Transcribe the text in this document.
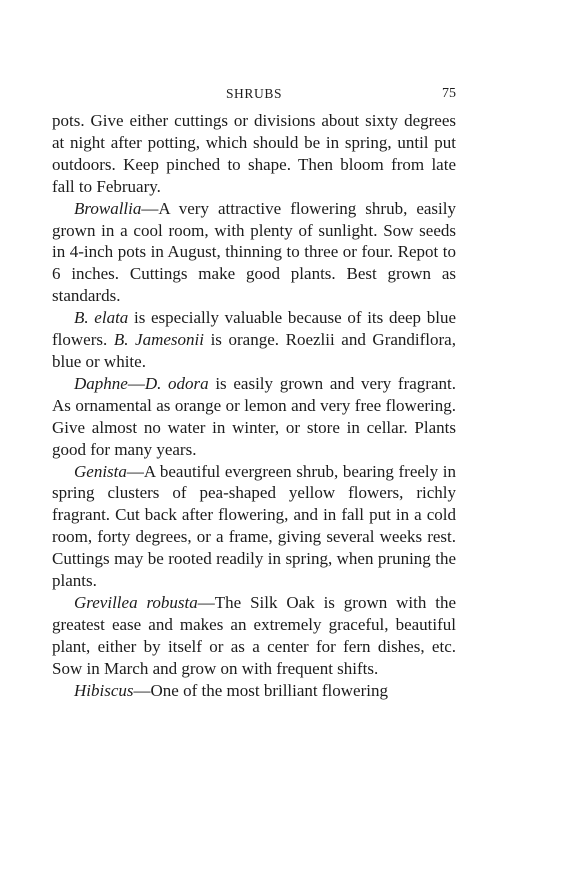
SHRUBS	75

pots. Give either cuttings or divisions about sixty degrees at night after potting, which should be in spring, until put outdoors. Keep pinched to shape. Then bloom from late fall to February.

Browallia—A very attractive flowering shrub, easily grown in a cool room, with plenty of sunlight. Sow seeds in 4-inch pots in August, thinning to three or four. Repot to 6 inches. Cuttings make good plants. Best grown as standards.

B. elata is especially valuable because of its deep blue flowers. B. Jamesonii is orange. Roezlii and Grandiflora, blue or white.

Daphne—D. odora is easily grown and very fragrant. As ornamental as orange or lemon and very free flowering. Give almost no water in winter, or store in cellar. Plants good for many years.

Genista—A beautiful evergreen shrub, bearing freely in spring clusters of pea-shaped yellow flowers, richly fragrant. Cut back after flowering, and in fall put in a cold room, forty degrees, or a frame, giving several weeks rest. Cuttings may be rooted readily in spring, when pruning the plants.

Grevillea robusta—The Silk Oak is grown with the greatest ease and makes an extremely graceful, beautiful plant, either by itself or as a center for fern dishes, etc. Sow in March and grow on with frequent shifts.

Hibiscus—One of the most brilliant flowering
